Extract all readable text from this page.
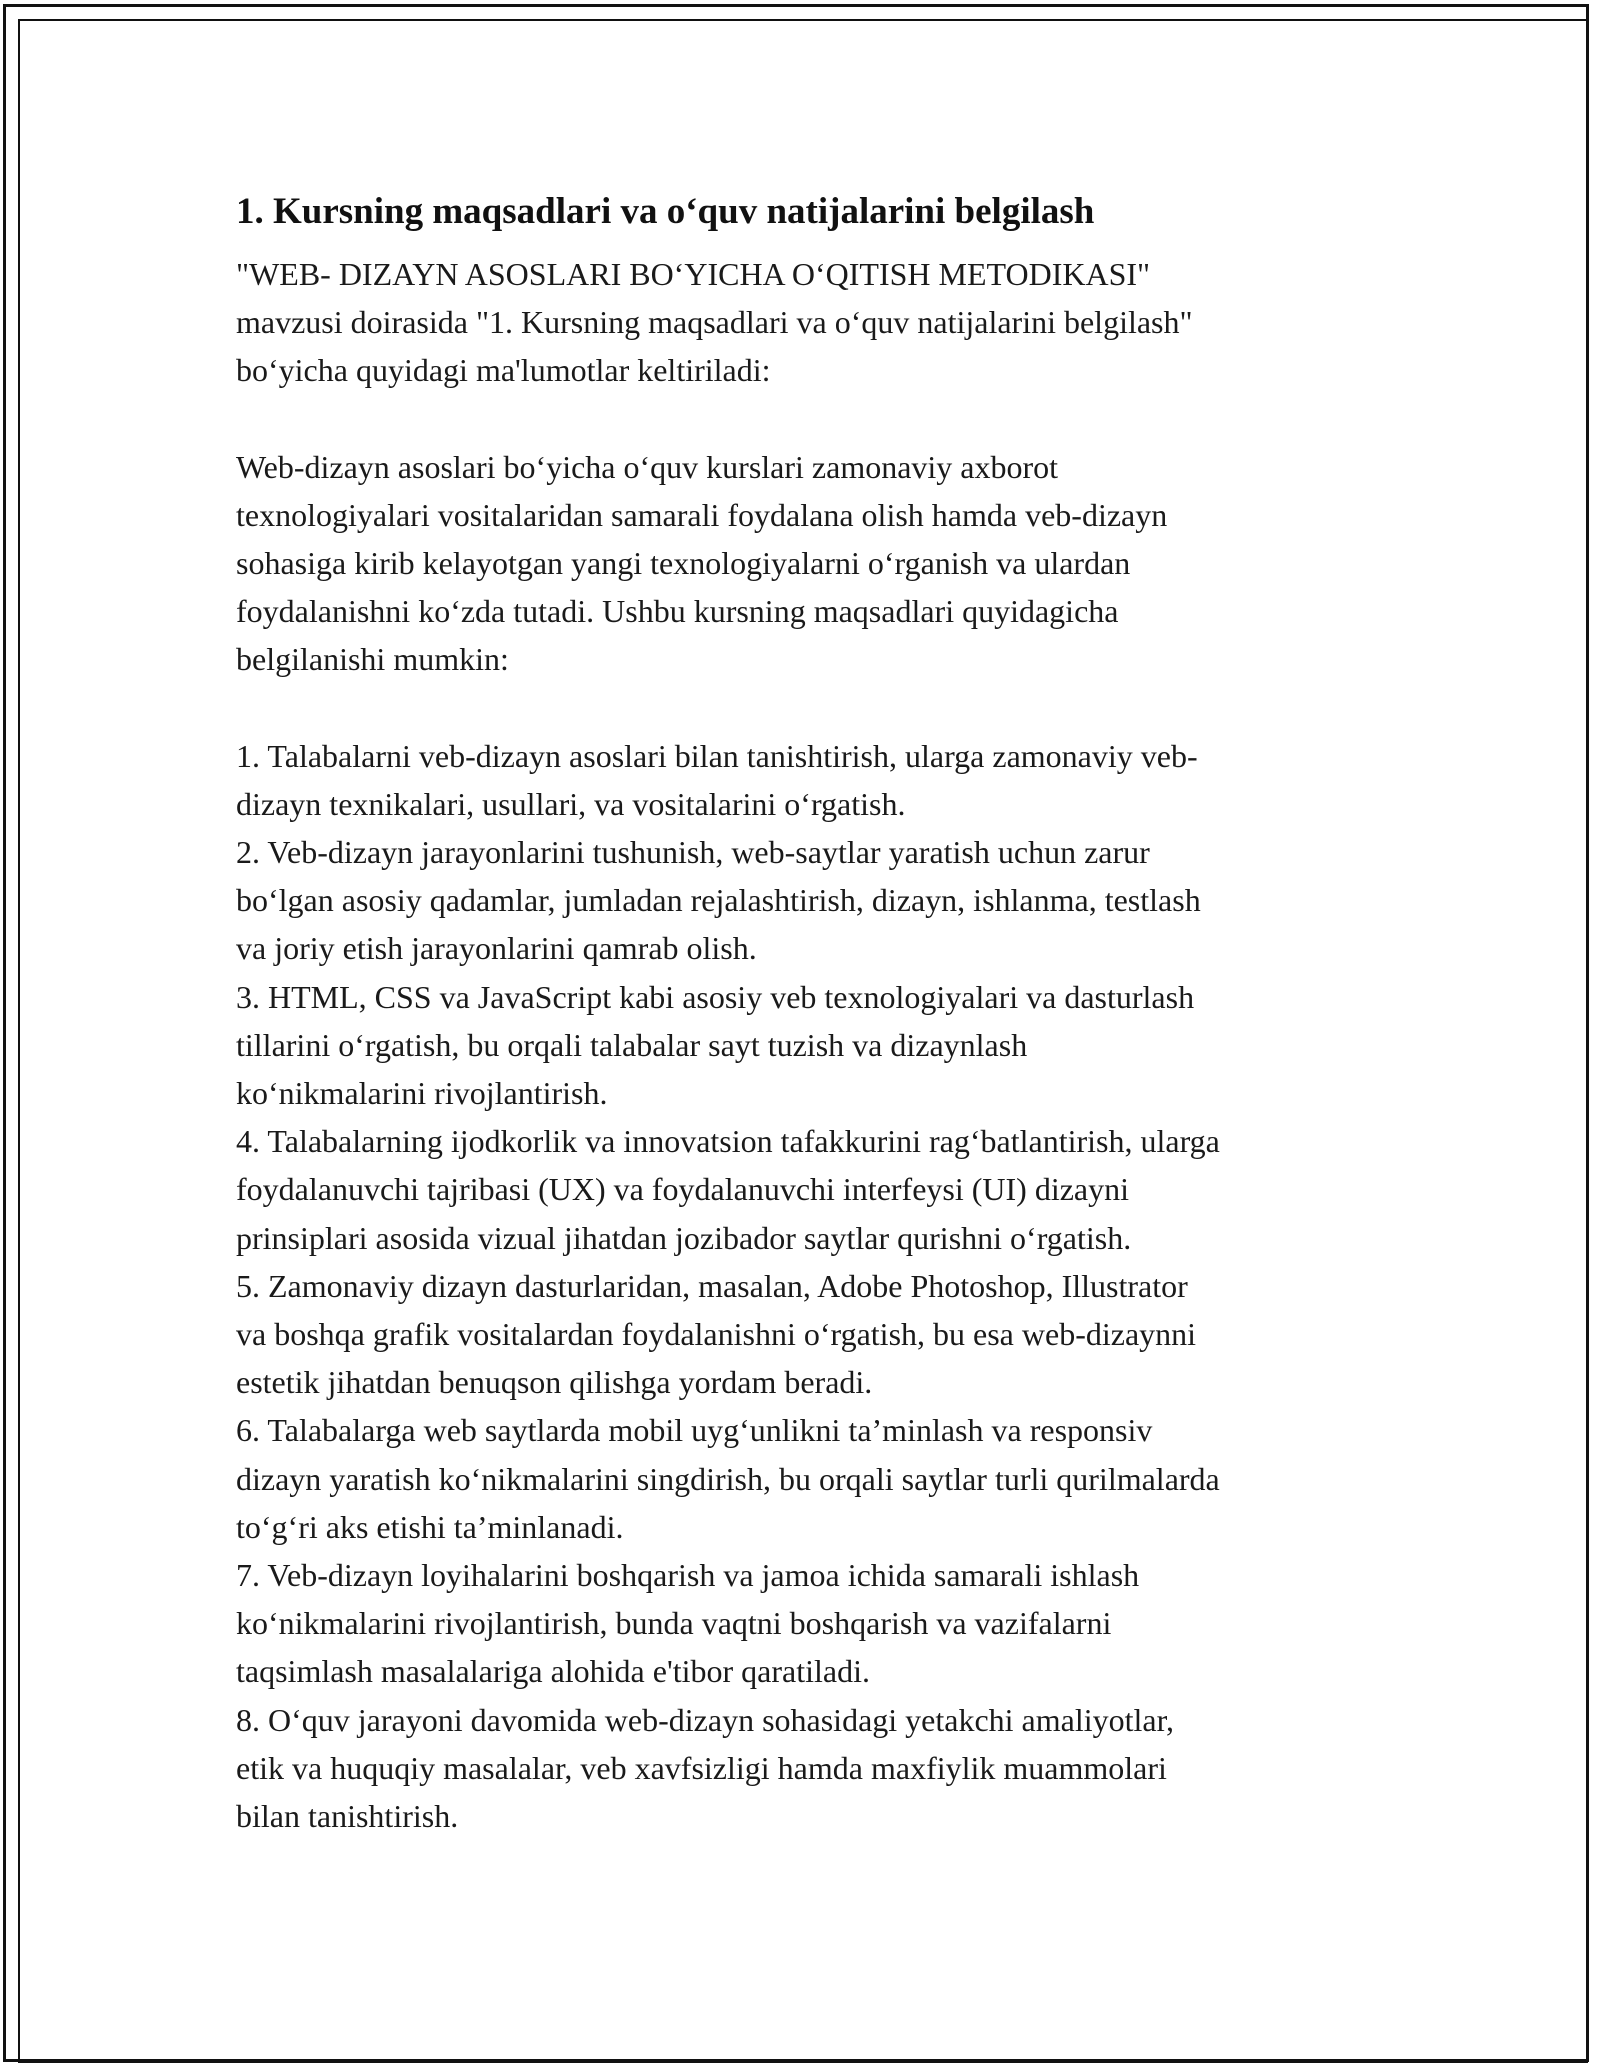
1. Kursning maqsadlari va o‘quv natijalarini belgilash

"WEB- DIZAYN ASOSLARI BO‘YICHA O‘QITISH METODIKASI"
mavzusi doirasida "1. Kursning maqsadlari va o‘quv natijalarini belgilash"
bo‘yicha quyidagi ma'lumotlar keltiriladi:

Web-dizayn asoslari bo‘yicha o‘quv kurslari zamonaviy axborot
texnologiyalari vositalaridan samarali foydalana olish hamda veb-dizayn
sohasiga kirib kelayotgan yangi texnologiyalarni o‘rganish va ulardan
foydalanishni ko‘zda tutadi. Ushbu kursning maqsadlari quyidagicha
belgilanishi mumkin:

1. Talabalarni veb-dizayn asoslari bilan tanishtirish, ularga zamonaviy veb-
dizayn texnikalari, usullari, va vositalarini o‘rgatish.
2. Veb-dizayn jarayonlarini tushunish, web-saytlar yaratish uchun zarur
bo‘lgan asosiy qadamlar, jumladan rejalashtirish, dizayn, ishlanma, testlash
va joriy etish jarayonlarini qamrab olish.
3. HTML, CSS va JavaScript kabi asosiy veb texnologiyalari va dasturlash
tillarini o‘rgatish, bu orqali talabalar sayt tuzish va dizaynlash
ko‘nikmalarini rivojlantirish.
4. Talabalarning ijodkorlik va innovatsion tafakkurini rag‘batlantirish, ularga
foydalanuvchi tajribasi (UX) va foydalanuvchi interfeysi (UI) dizayni
prinsiplari asosida vizual jihatdan jozibador saytlar qurishni o‘rgatish.
5. Zamonaviy dizayn dasturlaridan, masalan, Adobe Photoshop, Illustrator
va boshqa grafik vositalardan foydalanishni o‘rgatish, bu esa web-dizaynni
estetik jihatdan benuqson qilishga yordam beradi.
6. Talabalarga web saytlarda mobil uyg‘unlikni ta’minlash va responsiv
dizayn yaratish ko‘nikmalarini singdirish, bu orqali saytlar turli qurilmalarda
to‘g‘ri aks etishi ta’minlanadi.
7. Veb-dizayn loyihalarini boshqarish va jamoa ichida samarali ishlash
ko‘nikmalarini rivojlantirish, bunda vaqtni boshqarish va vazifalarni
taqsimlash masalalariga alohida e'tibor qaratiladi.
8. O‘quv jarayoni davomida web-dizayn sohasidagi yetakchi amaliyotlar,
etik va huquqiy masalalar, veb xavfsizligi hamda maxfiylik muammolari
bilan tanishtirish.
